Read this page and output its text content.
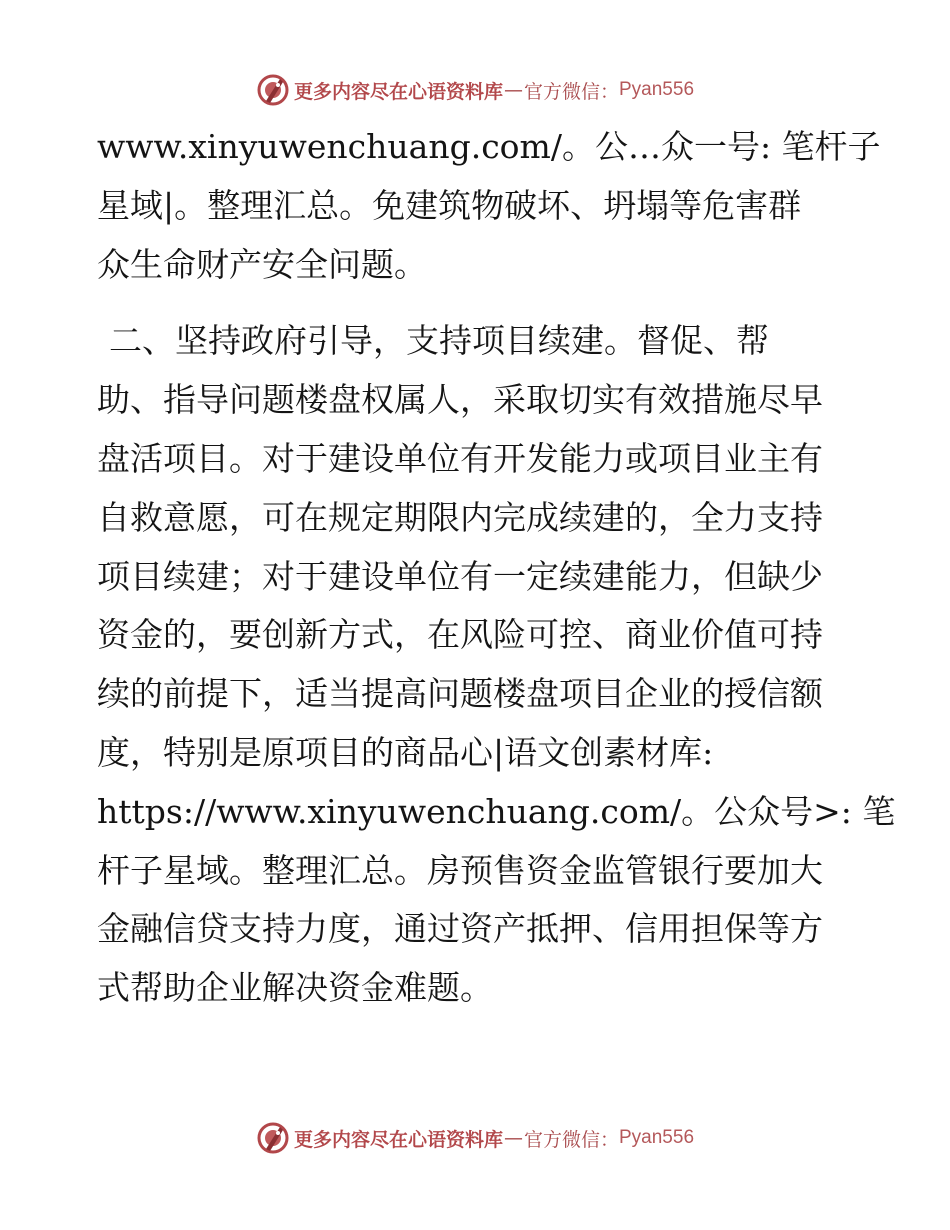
更多内容尽在心语资料库 — 官方微信： Pyan556
www.xinyuwenchuang.com/。公…众一号: 笔杆子
星域|。整理汇总。免建筑物破坏、坍塌等危害群
众生命财产安全问题。
二、坚持政府引导，支持项目续建。督促、帮
助、指导问题楼盘权属人，采取切实有效措施尽早
盘活项目。对于建设单位有开发能力或项目业主有
自救意愿，可在规定期限内完成续建的，全力支持
项目续建；对于建设单位有一定续建能力，但缺少
资金的，要创新方式，在风险可控、商业价值可持
续的前提下，适当提高问题楼盘项目企业的授信额
度，特别是原项目的商品心|语文创素材库:
https://www.xinyuwenchuang.com/。公众号>: 笔
杆子星域。整理汇总。房预售资金监管银行要加大
金融信贷支持力度，通过资产抵押、信用担保等方
式帮助企业解决资金难题。
更多内容尽在心语资料库 — 官方微信： Pyan556
